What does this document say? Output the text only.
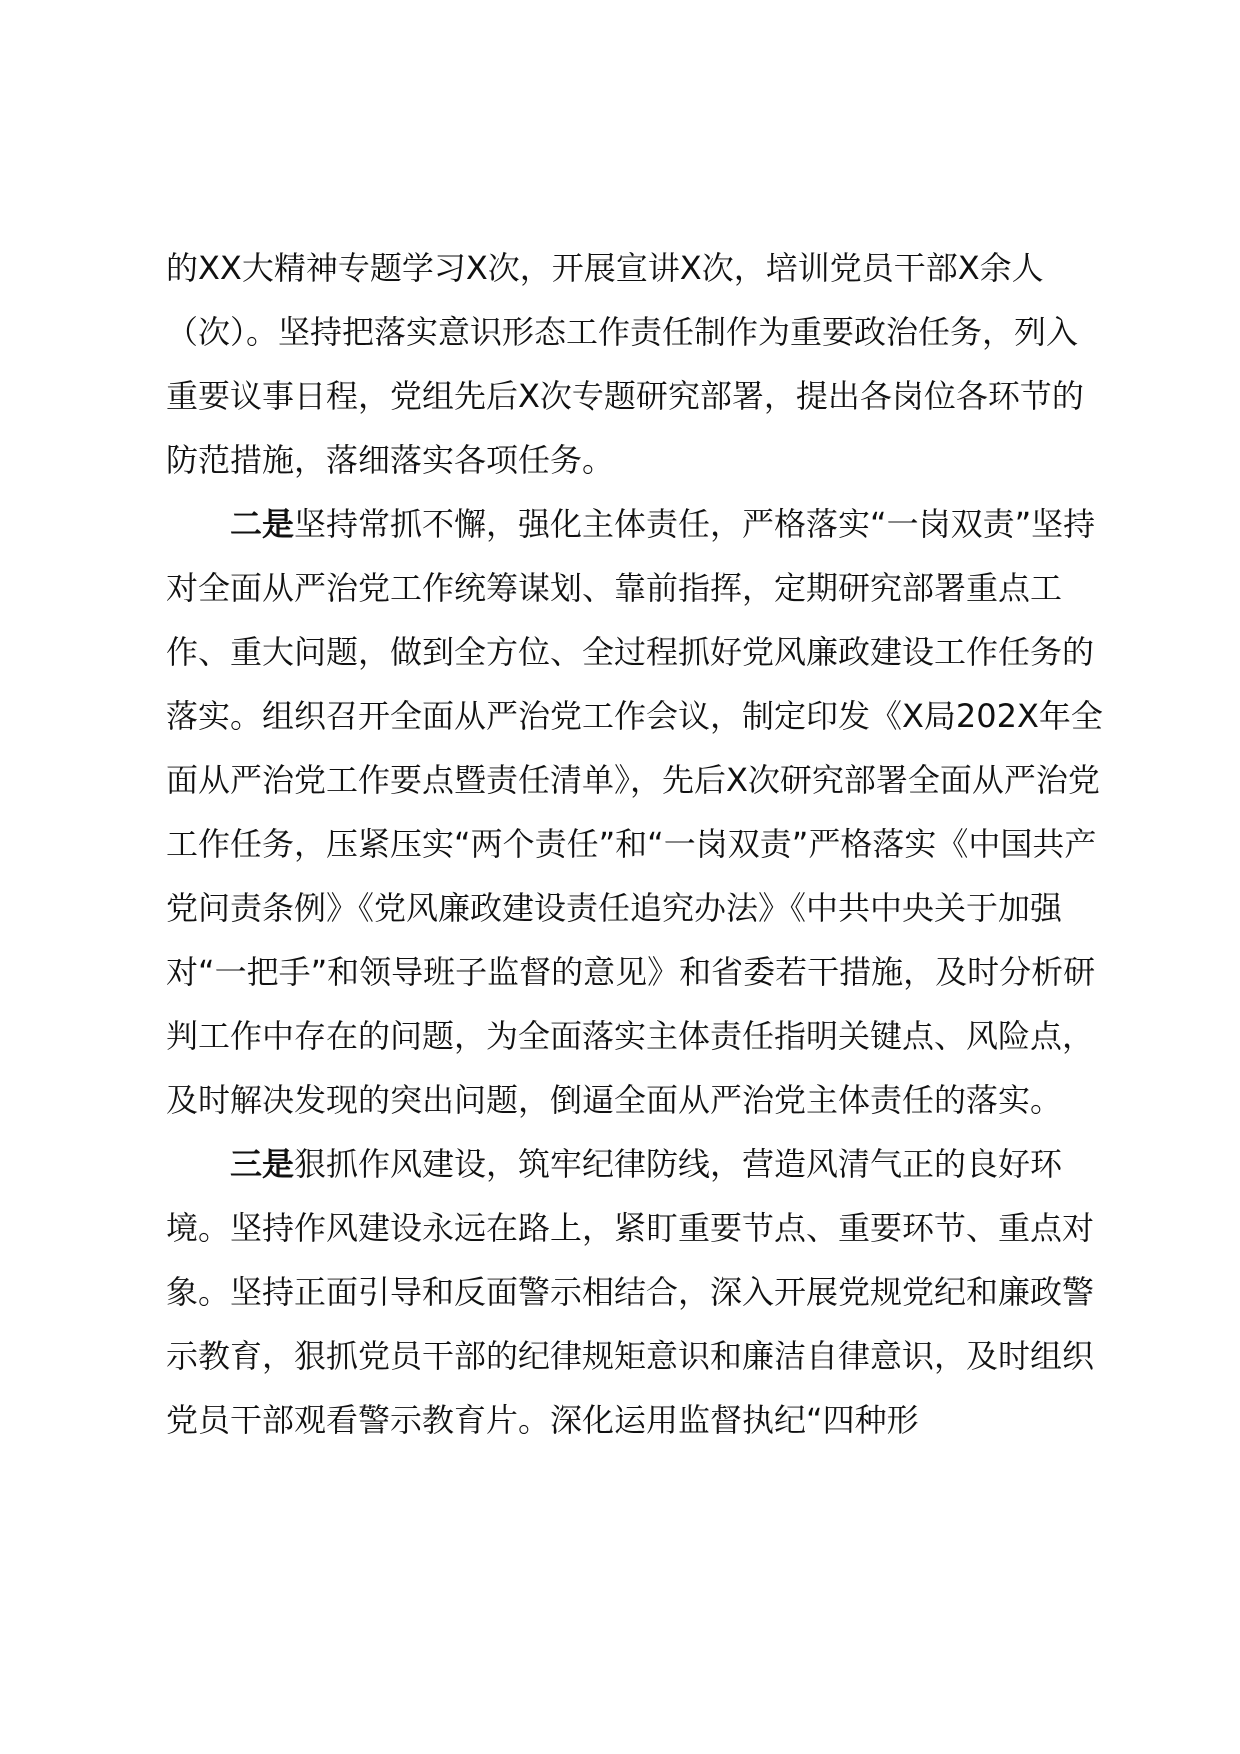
的XX大精神专题学习X次，开展宣讲X次，培训党员干部X余人（次）。坚持把落实意识形态工作责任制作为重要政治任务，列入重要议事日程，党组先后X次专题研究部署，提出各岗位各环节的防范措施，落细落实各项任务。

二是坚持常抓不懈，强化主体责任，严格落实“一岗双责”坚持对全面从严治党工作统筹谋划、靠前指挥，定期研究部署重点工作、重大问题，做到全方位、全过程抓好党风廉政建设工作任务的落实。组织召开全面从严治党工作会议，制定印发《X局202X年全面从严治党工作要点暨责任清单》，先后X次研究部署全面从严治党工作任务，压紧压实“两个责任”和“一岗双责”严格落实《中国共产党问责条例》《党风廉政建设责任追究办法》《中共中央关于加强对“一把手”和领导班子监督的意见》和省委若干措施，及时分析研判工作中存在的问题，为全面落实主体责任指明关键点、风险点，及时解决发现的突出问题，倒逼全面从严治党主体责任的落实。

三是狠抓作风建设，筑牢纪律防线，营造风清气正的良好环境。坚持作风建设永远在路上，紧盯重要节点、重要环节、重点对象。坚持正面引导和反面警示相结合，深入开展党规党纪和廉政警示教育，狠抓党员干部的纪律规矩意识和廉洁自律意识，及时组织党员干部观看警示教育片。深化运用监督执纪“四种形
